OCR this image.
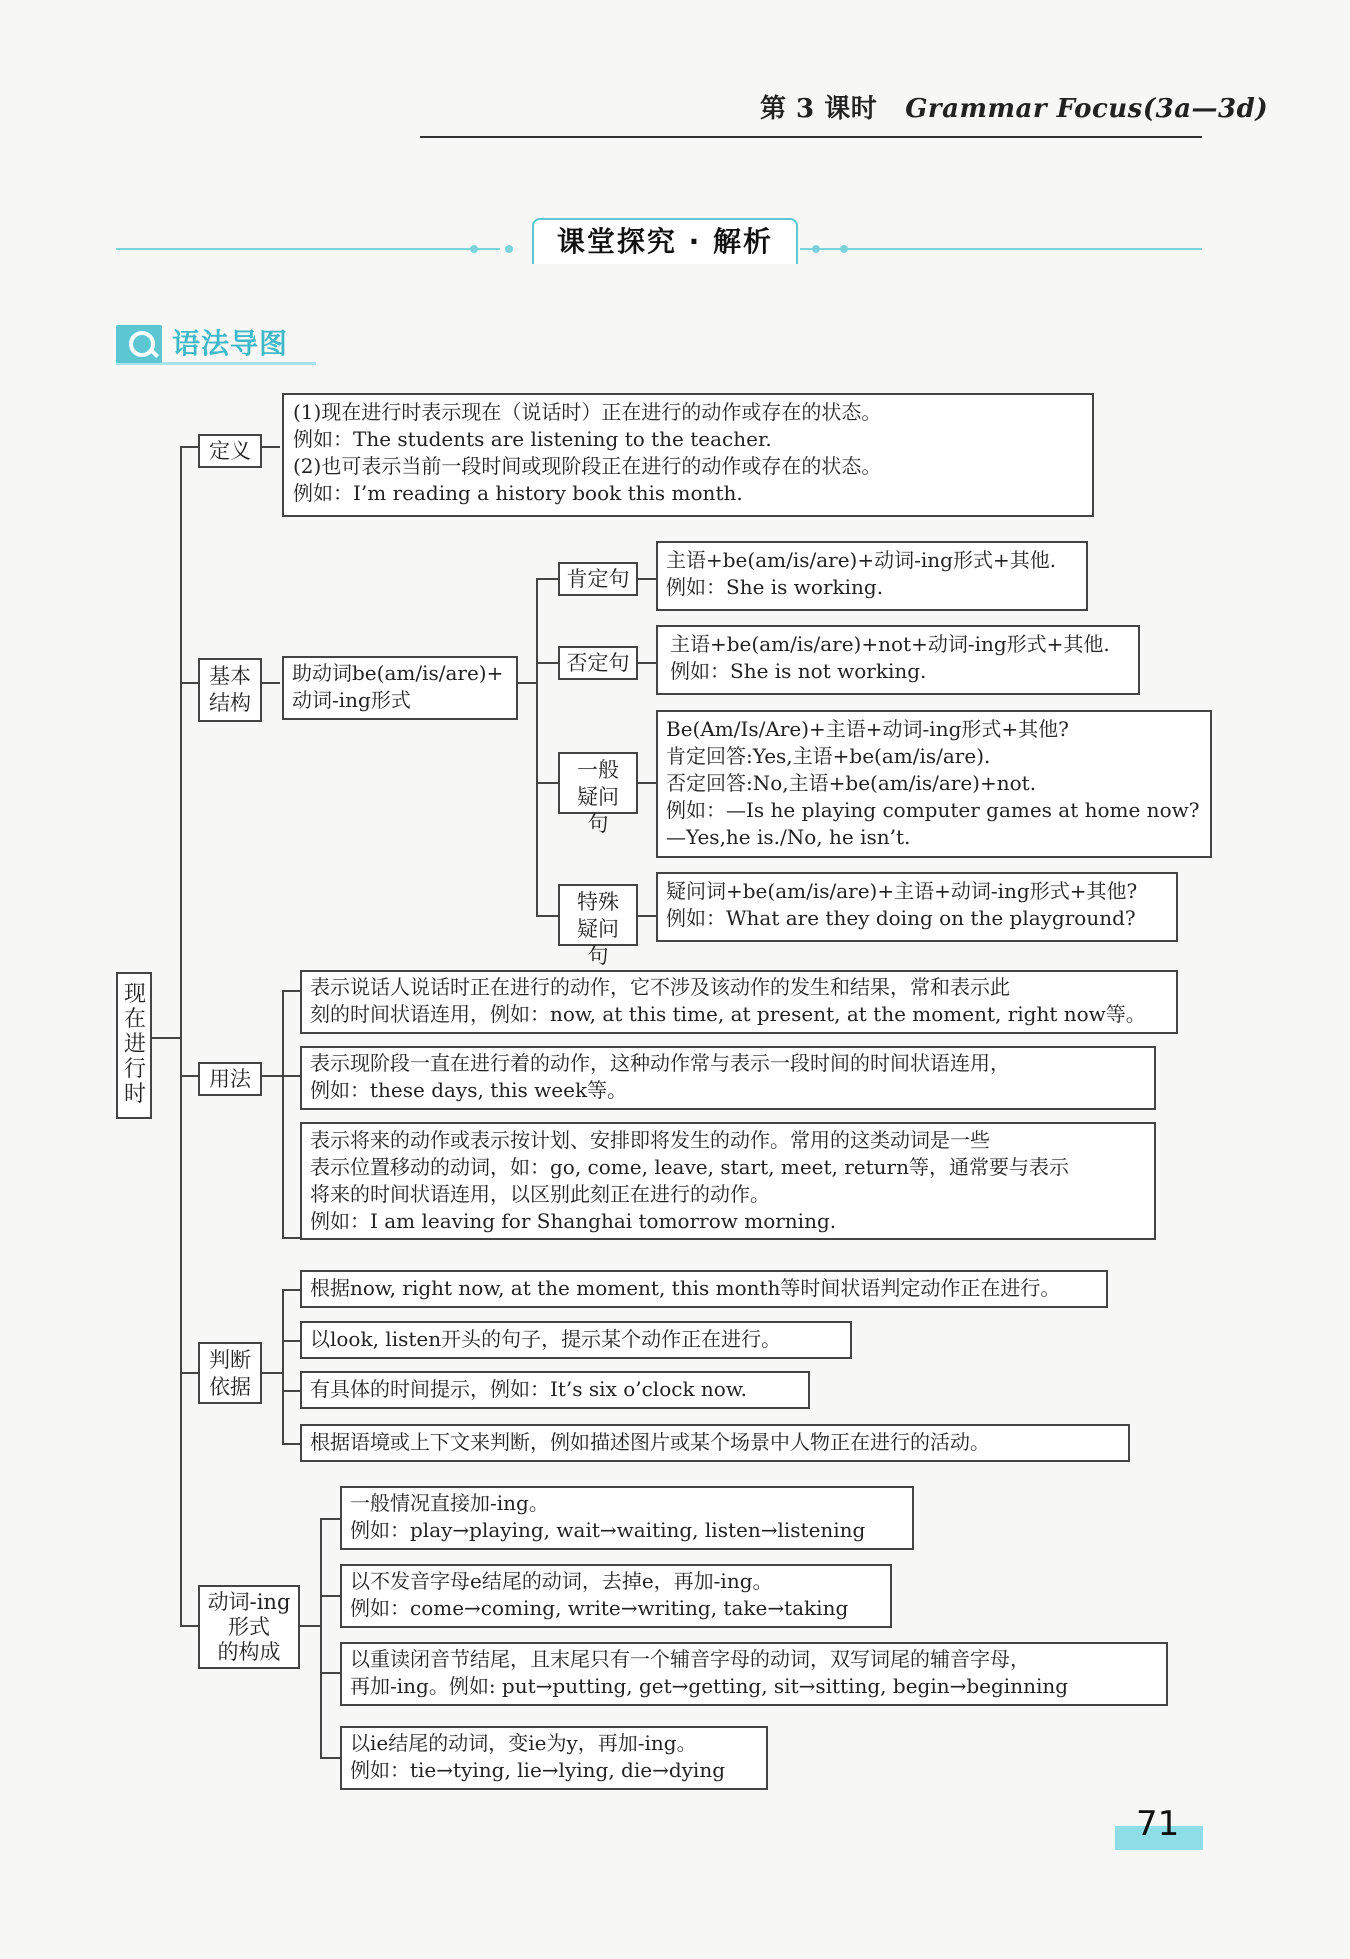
第 3 课时 Grammar Focus(3a—3d)
课堂探究 · 解析
语法导图
现在进行时
定义
(1)现在进行时表示现在（说话时）正在进行的动作或存在的状态。
例如：The students are listening to the teacher.
(2)也可表示当前一段时间或现阶段正在进行的动作或存在的状态。
例如：I’m reading a history book this month.
基本结构
助动词be(am/is/are)+
动词-ing形式
肯定句
主语+be(am/is/are)+动词-ing形式+其他.
例如：She is working.
否定句
主语+be(am/is/are)+not+动词-ing形式+其他.
例如：She is not working.
一般疑问句
Be(Am/Is/Are)+主语+动词-ing形式+其他?
肯定回答:Yes,主语+be(am/is/are).
否定回答:No,主语+be(am/is/are)+not.
例如：—Is he playing computer games at home now?
—Yes,he is./No, he isn’t.
特殊疑问句
疑问词+be(am/is/are)+主语+动词-ing形式+其他?
例如：What are they doing on the playground?
用法
表示说话人说话时正在进行的动作，它不涉及该动作的发生和结果，常和表示此
刻的时间状语连用，例如：now, at this time, at present, at the moment, right now等。
表示现阶段一直在进行着的动作，这种动作常与表示一段时间的时间状语连用，
例如：these days, this week等。
表示将来的动作或表示按计划、安排即将发生的动作。常用的这类动词是一些
表示位置移动的动词，如：go, come, leave, start, meet, return等，通常要与表示
将来的时间状语连用，以区别此刻正在进行的动作。
例如：I am leaving for Shanghai tomorrow morning.
判断依据
根据now, right now, at the moment, this month等时间状语判定动作正在进行。
以look, listen开头的句子，提示某个动作正在进行。
有具体的时间提示，例如：It’s six o’clock now.
根据语境或上下文来判断，例如描述图片或某个场景中人物正在进行的活动。
动词-ing
形式
的构成
一般情况直接加-ing。
例如：play→playing, wait→waiting, listen→listening
以不发音字母e结尾的动词，去掉e，再加-ing。
例如：come→coming, write→writing, take→taking
以重读闭音节结尾，且末尾只有一个辅音字母的动词，双写词尾的辅音字母，
再加-ing。例如: put→putting, get→getting, sit→sitting, begin→beginning
以ie结尾的动词，变ie为y，再加-ing。
例如：tie→tying, lie→lying, die→dying
71
